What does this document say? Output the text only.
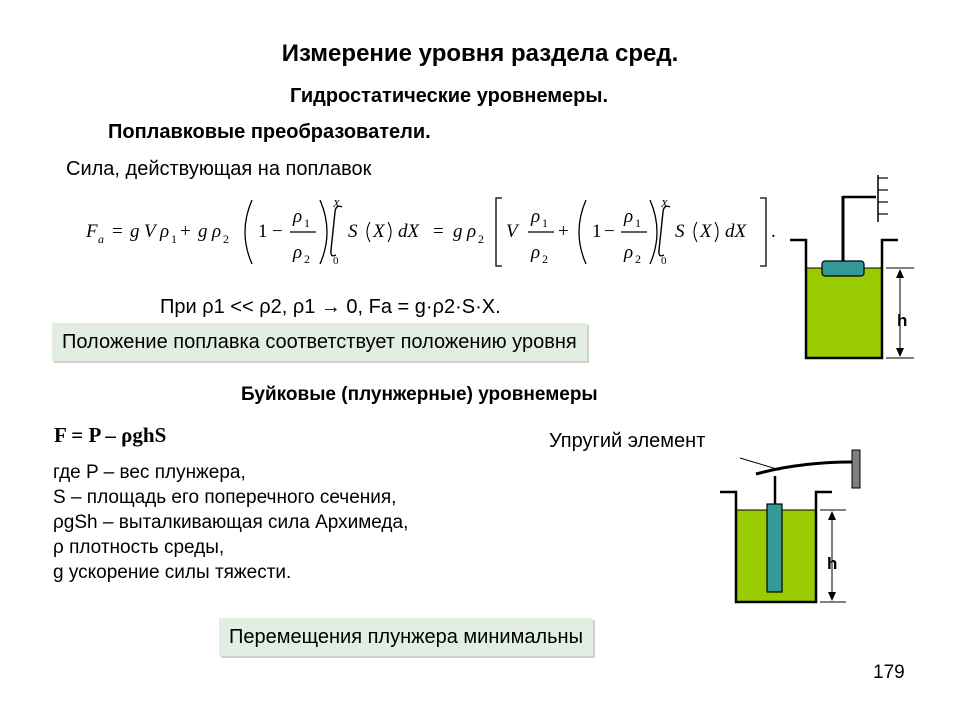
Измерение уровня раздела сред.
Гидростатические уровнемеры.
Поплавковые преобразователи.
Сила, действующая на поплавок
F a = g V ρ 1 + g ρ 2 1 −
ρ 1
ρ 2
X
0
S X dX = g ρ 2 V
ρ 1
ρ 2
+ 1 −
ρ 1
ρ 2
X
0
S X dX .
При ρ1 << ρ2, ρ1 → 0, Fa = g·ρ2·S·X.
Положение поплавка соответствует положению уровня
h
Буйковые (плунжерные) уровнемеры
F = P – ρghS
где P – вес плунжера,
S – площадь его поперечного сечения,
ρgSh – выталкивающая сила Архимеда,
ρ плотность среды,
g ускорение силы тяжести.
Упругий элемент
h
Перемещения плунжера минимальны
179
